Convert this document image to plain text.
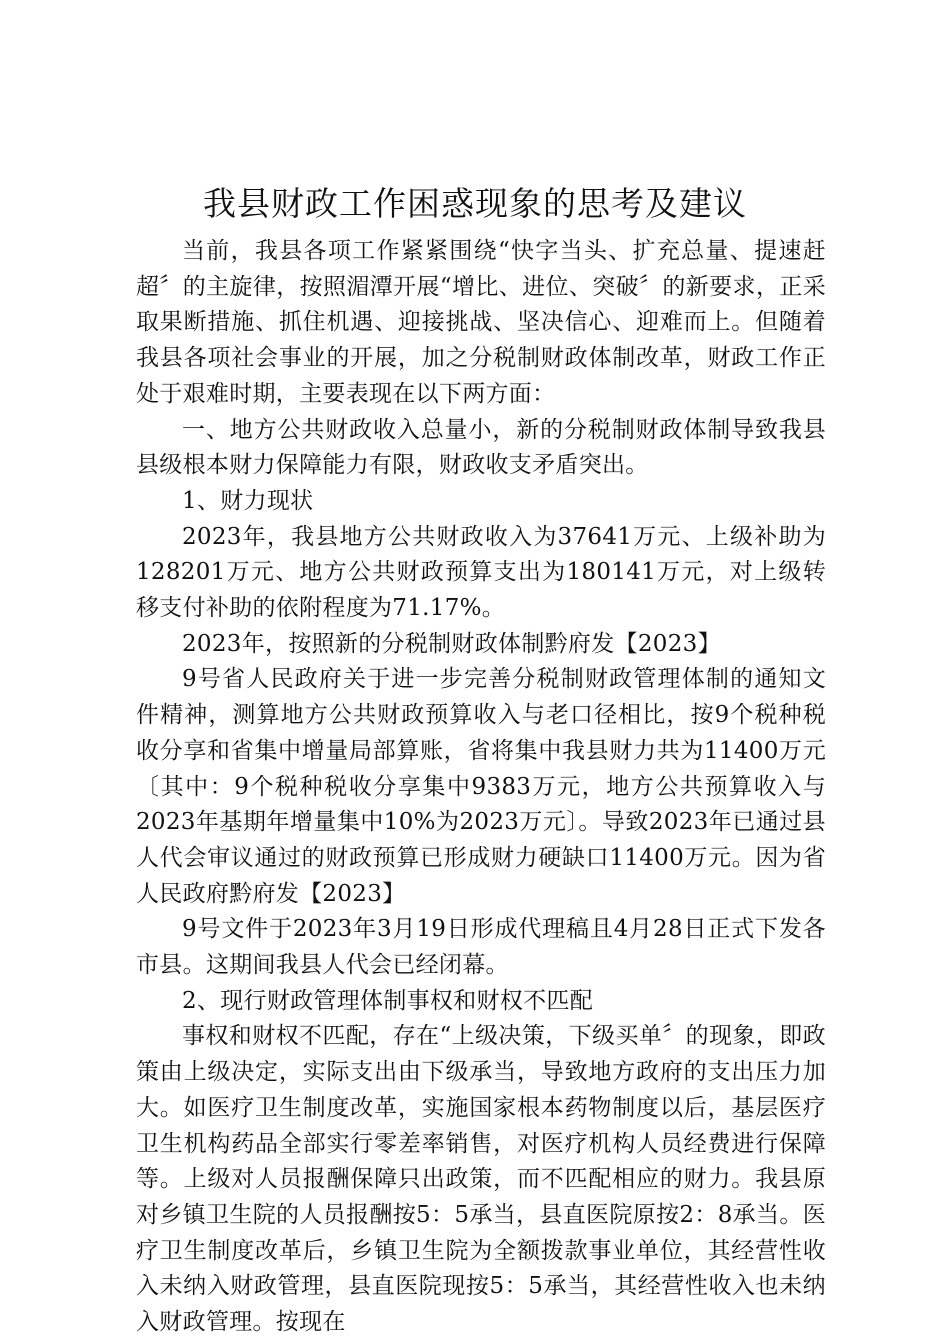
我县财政工作困惑现象的思考及建议

当前，我县各项工作紧紧围绕“快字当头、扩充总量、提速赶超〞的主旋律，按照湄潭开展“增比、进位、突破〞的新要求，正采取果断措施、抓住机遇、迎接挑战、坚决信心、迎难而上。但随着我县各项社会事业的开展，加之分税制财政体制改革，财政工作正处于艰难时期，主要表现在以下两方面：

一、地方公共财政收入总量小，新的分税制财政体制导致我县县级根本财力保障能力有限，财政收支矛盾突出。

1、财力现状

2023年，我县地方公共财政收入为37641万元、上级补助为128201万元、地方公共财政预算支出为180141万元，对上级转移支付补助的依附程度为71.17%。

2023年，按照新的分税制财政体制黔府发【2023】

9号省人民政府关于进一步完善分税制财政管理体制的通知文件精神，测算地方公共财政预算收入与老口径相比，按9个税种税收分享和省集中增量局部算账，省将集中我县财力共为11400万元〔其中：9个税种税收分享集中9383万元，地方公共预算收入与2023年基期年增量集中10%为2023万元〕。导致2023年已通过县人代会审议通过的财政预算已形成财力硬缺口11400万元。因为省人民政府黔府发【2023】

9号文件于2023年3月19日形成代理稿且4月28日正式下发各市县。这期间我县人代会已经闭幕。

2、现行财政管理体制事权和财权不匹配

事权和财权不匹配，存在“上级决策，下级买单〞的现象，即政策由上级决定，实际支出由下级承当，导致地方政府的支出压力加大。如医疗卫生制度改革，实施国家根本药物制度以后，基层医疗卫生机构药品全部实行零差率销售，对医疗机构人员经费进行保障等。上级对人员报酬保障只出政策，而不匹配相应的财力。我县原对乡镇卫生院的人员报酬按5：5承当，县直医院原按2：8承当。医疗卫生制度改革后，乡镇卫生院为全额拨款事业单位，其经营性收入未纳入财政管理，县直医院现按5：5承当，其经营性收入也未纳入财政管理。按现在
